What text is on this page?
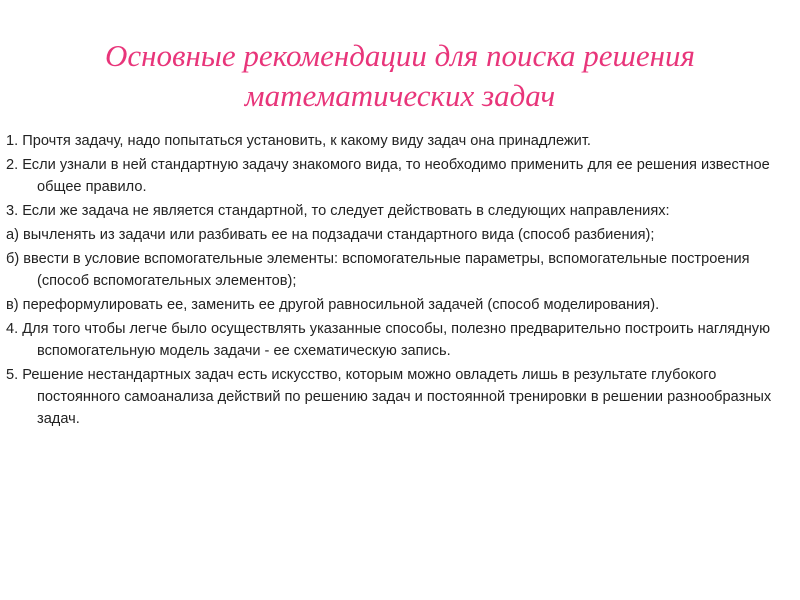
Основные рекомендации для поиска решения
математических задач
1. Прочтя задачу, надо попытаться установить, к какому виду задач она принадлежит.
2. Если узнали в ней стандартную задачу знакомого вида, то необходимо применить для ее решения известное общее правило.
3. Если же задача не является стандартной, то следует действовать в следующих направлениях:
а) вычленять из задачи или разбивать ее на подзадачи стандартного вида (способ разбиения);
б) ввести в условие вспомогательные элементы: вспомогательные параметры, вспомогательные построения (способ вспомогательных элементов);
в) переформулировать ее, заменить ее другой равносильной задачей (способ моделирования).
4. Для того чтобы легче было осуществлять указанные способы, полезно предварительно построить наглядную вспомогательную модель задачи - ее схематическую запись.
5. Решение нестандартных задач есть искусство, которым можно овладеть лишь в результате глубокого постоянного самоанализа действий по решению задач и постоянной тренировки в решении разнообразных задач.
